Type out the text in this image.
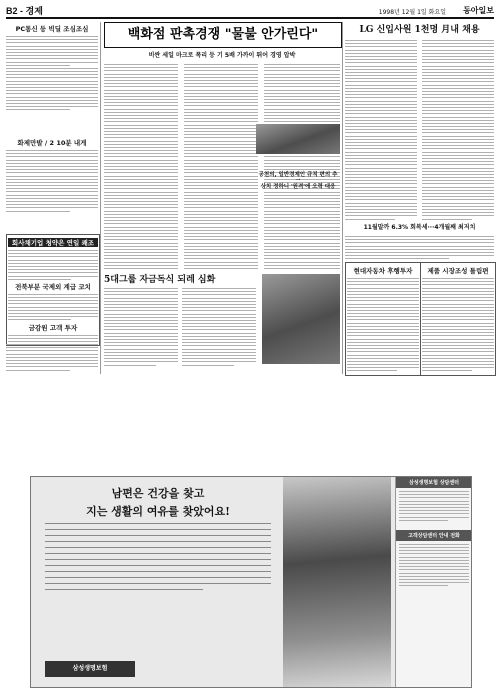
B2 - 경제	1998년 12월 1일 화요일 동아일보
PC통신 등 빅딜 조심조심
화제만발 / 2 10분 내게
회사채기업 청약은 연일 쾌조
전북부분 국제외 계급 코치
금감원 고객 투자
백화점 판촉경쟁 "물불 안가린다"
비싼 세일 마크로 폭리 등 기 5배 가까이 뛰어 경영 압박
공천의, 일반경제인 규직 편의 추
상치 정하니 '원격'에 오력 대응
LG 신입사원 1천명 月내 채용
11월말까 6.3% 회복세···4개월째 최저치
현대자동차 후행투자	제품 시장조성 틀림편
5대그룹 자금독식 되레 심화
남편은 건강을 찾고
지는 생활의 여유를 찾았어요!
삼성생명보험
삼성생명보험 상담센터
고객상담센터 안내 전화
